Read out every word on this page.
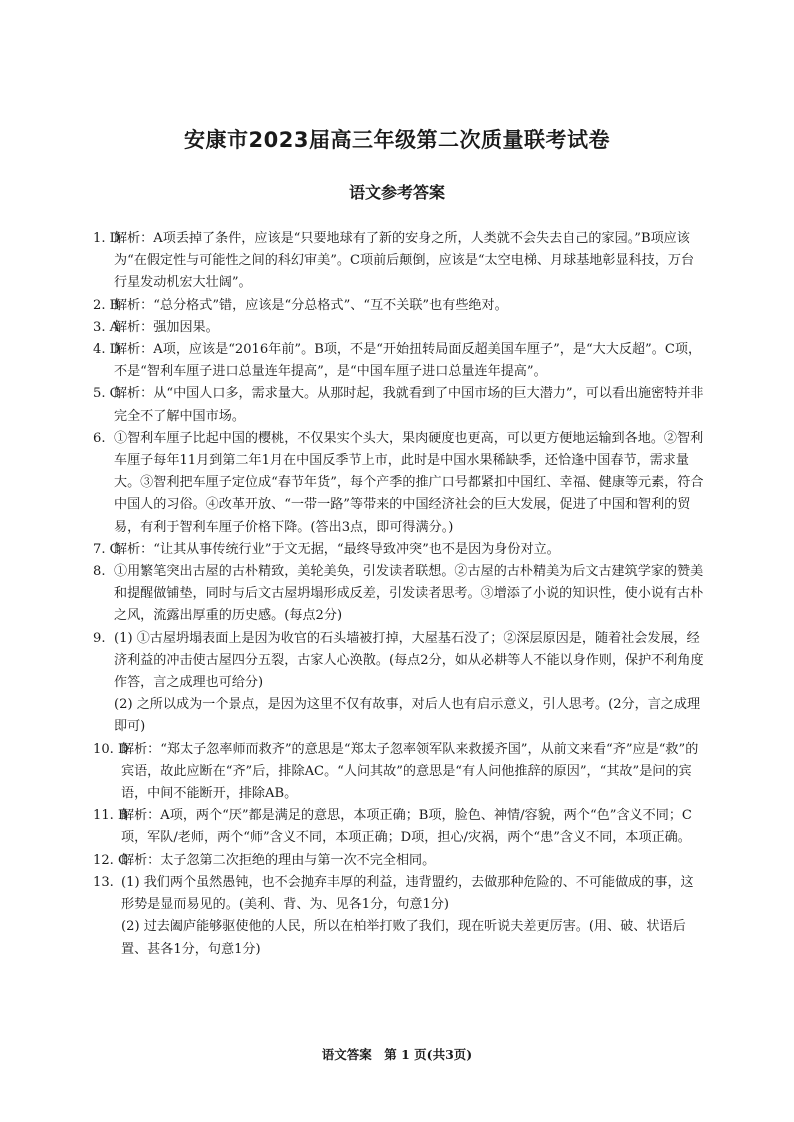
安康市2023届高三年级第二次质量联考试卷
语文参考答案
1. D
解析：A项丢掉了条件，应该是“只要地球有了新的安身之所，人类就不会失去自己的家园。”B项应该为“在假定性与可能性之间的科幻审美”。C项前后颠倒，应该是“太空电梯、月球基地彰显科技，万台行星发动机宏大壮阔”。
2. B
解析：“总分格式”错，应该是“分总格式”、“互不关联”也有些绝对。
3. A
解析：强加因果。
4. D
解析：A项，应该是“2016年前”。B项，不是“开始扭转局面反超美国车厘子”，是“大大反超”。C项，不是“智利车厘子进口总量连年提高”，是“中国车厘子进口总量连年提高”。
5. C
解析：从“中国人口多，需求量大。从那时起，我就看到了中国市场的巨大潜力”，可以看出施密特并非完全不了解中国市场。
6. ①智利车厘子比起中国的樱桃，不仅果实个头大，果肉硬度也更高，可以更方便地运输到各地。②智利车厘子每年11月到第二年1月在中国反季节上市，此时是中国水果稀缺季，还恰逢中国春节，需求量大。③智利把车厘子定位成“春节年货”，每个产季的推广口号都紧扣中国红、幸福、健康等元素，符合中国人的习俗。④改革开放、“一带一路”等带来的中国经济社会的巨大发展，促进了中国和智利的贸易，有利于智利车厘子价格下降。(答出3点，即可得满分。)
7. C
解析：“让其从事传统行业”于文无据，“最终导致冲突”也不是因为身份对立。
8. ①用繁笔突出古屋的古朴精致，美轮美奂，引发读者联想。②古屋的古朴精美为后文古建筑学家的赞美和提醒做铺垫，同时与后文古屋坍塌形成反差，引发读者思考。③增添了小说的知识性，使小说有古朴之风，流露出厚重的历史感。(每点2分)
9. (1) ①古屋坍塌表面上是因为收官的石头墙被打掉，大屋基石没了；②深层原因是，随着社会发展，经济利益的冲击使古屋四分五裂，古家人心涣散。(每点2分，如从必耕等人不能以身作则，保护不利角度作答，言之成理也可给分)
(2) 之所以成为一个景点，是因为这里不仅有故事，对后人也有启示意义，引人思考。(2分，言之成理即可)
10. D
解析：“郑太子忽率师而救齐”的意思是“郑太子忽率领军队来救援齐国”，从前文来看“齐”应是“救”的宾语，故此应断在“齐”后，排除AC。“人问其故”的意思是“有人问他推辞的原因”，“其故”是问的宾语，中间不能断开，排除AB。
11. B
解析：A项，两个“厌”都是满足的意思，本项正确；B项，脸色、神情/容貌，两个“色”含义不同；C项，军队/老师，两个“师”含义不同，本项正确；D项，担心/灾祸，两个“患”含义不同，本项正确。
12. C
解析：太子忽第二次拒绝的理由与第一次不完全相同。
13. (1) 我们两个虽然愚钝，也不会抛弃丰厚的利益，违背盟约，去做那种危险的、不可能做成的事，这形势是显而易见的。(美利、背、为、见各1分，句意1分)
(2) 过去阖庐能够驱使他的人民，所以在柏举打败了我们，现在听说夫差更厉害。(用、破、状语后置、甚各1分，句意1分)
语文答案　第 1 页(共3页)
